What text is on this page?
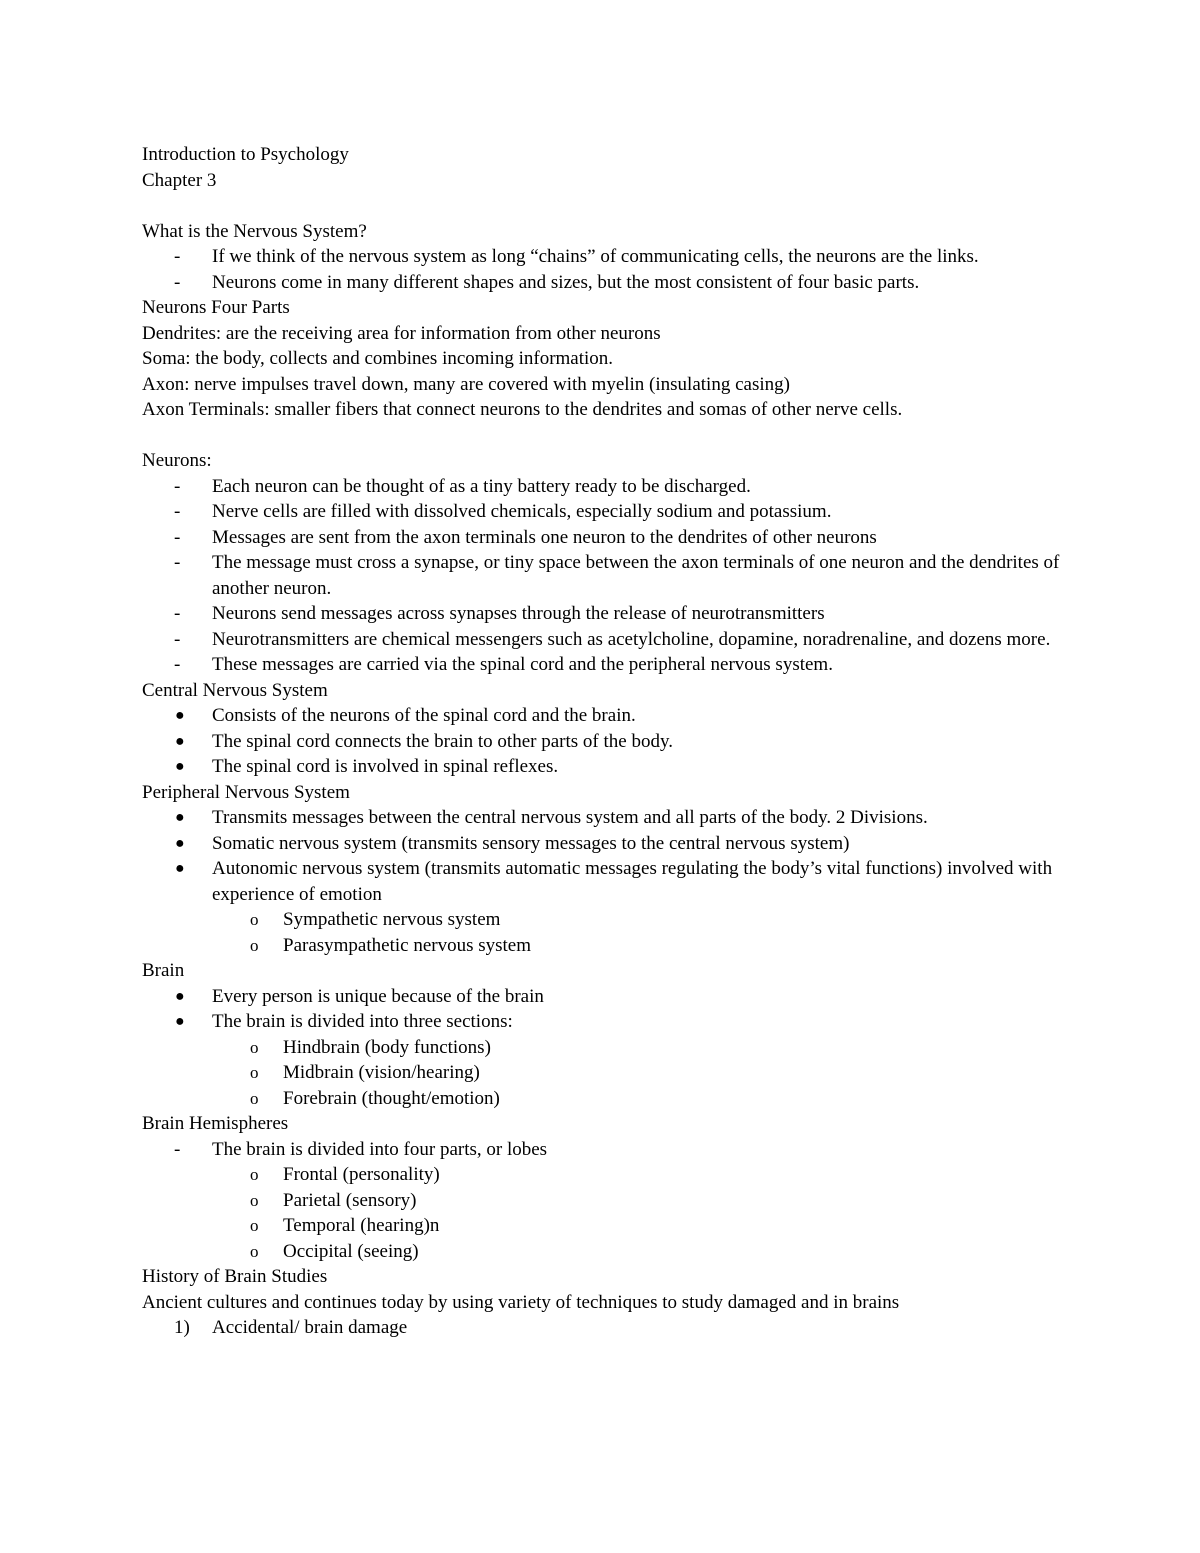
Introduction to Psychology
Chapter 3
What is the Nervous System?
- If we think of the nervous system as long “chains” of communicating cells, the neurons are the links.
- Neurons come in many different shapes and sizes, but the most consistent of four basic parts.
Neurons Four Parts
Dendrites: are the receiving area for information from other neurons
Soma: the body, collects and combines incoming information.
Axon: nerve impulses travel down, many are covered with myelin (insulating casing)
Axon Terminals: smaller fibers that connect neurons to the dendrites and somas of other nerve cells.
Neurons:
- Each neuron can be thought of as a tiny battery ready to be discharged.
- Nerve cells are filled with dissolved chemicals, especially sodium and potassium.
- Messages are sent from the axon terminals one neuron to the dendrites of other neurons
- The message must cross a synapse, or tiny space between the axon terminals of one neuron and the dendrites of another neuron.
- Neurons send messages across synapses through the release of neurotransmitters
- Neurotransmitters are chemical messengers such as acetylcholine, dopamine, noradrenaline, and dozens more.
- These messages are carried via the spinal cord and the peripheral nervous system.
Central Nervous System
● Consists of the neurons of the spinal cord and the brain.
● The spinal cord connects the brain to other parts of the body.
● The spinal cord is involved in spinal reflexes.
Peripheral Nervous System
● Transmits messages between the central nervous system and all parts of the body. 2 Divisions.
● Somatic nervous system (transmits sensory messages to the central nervous system)
● Autonomic nervous system (transmits automatic messages regulating the body’s vital functions) involved with experience of emotion
o Sympathetic nervous system
o Parasympathetic nervous system
Brain
● Every person is unique because of the brain
● The brain is divided into three sections:
o Hindbrain (body functions)
o Midbrain (vision/hearing)
o Forebrain (thought/emotion)
Brain Hemispheres
- The brain is divided into four parts, or lobes
o Frontal (personality)
o Parietal (sensory)
o Temporal (hearing)n
o Occipital (seeing)
History of Brain Studies
Ancient cultures and continues today by using variety of techniques to study damaged and in brains
1) Accidental/ brain damage
